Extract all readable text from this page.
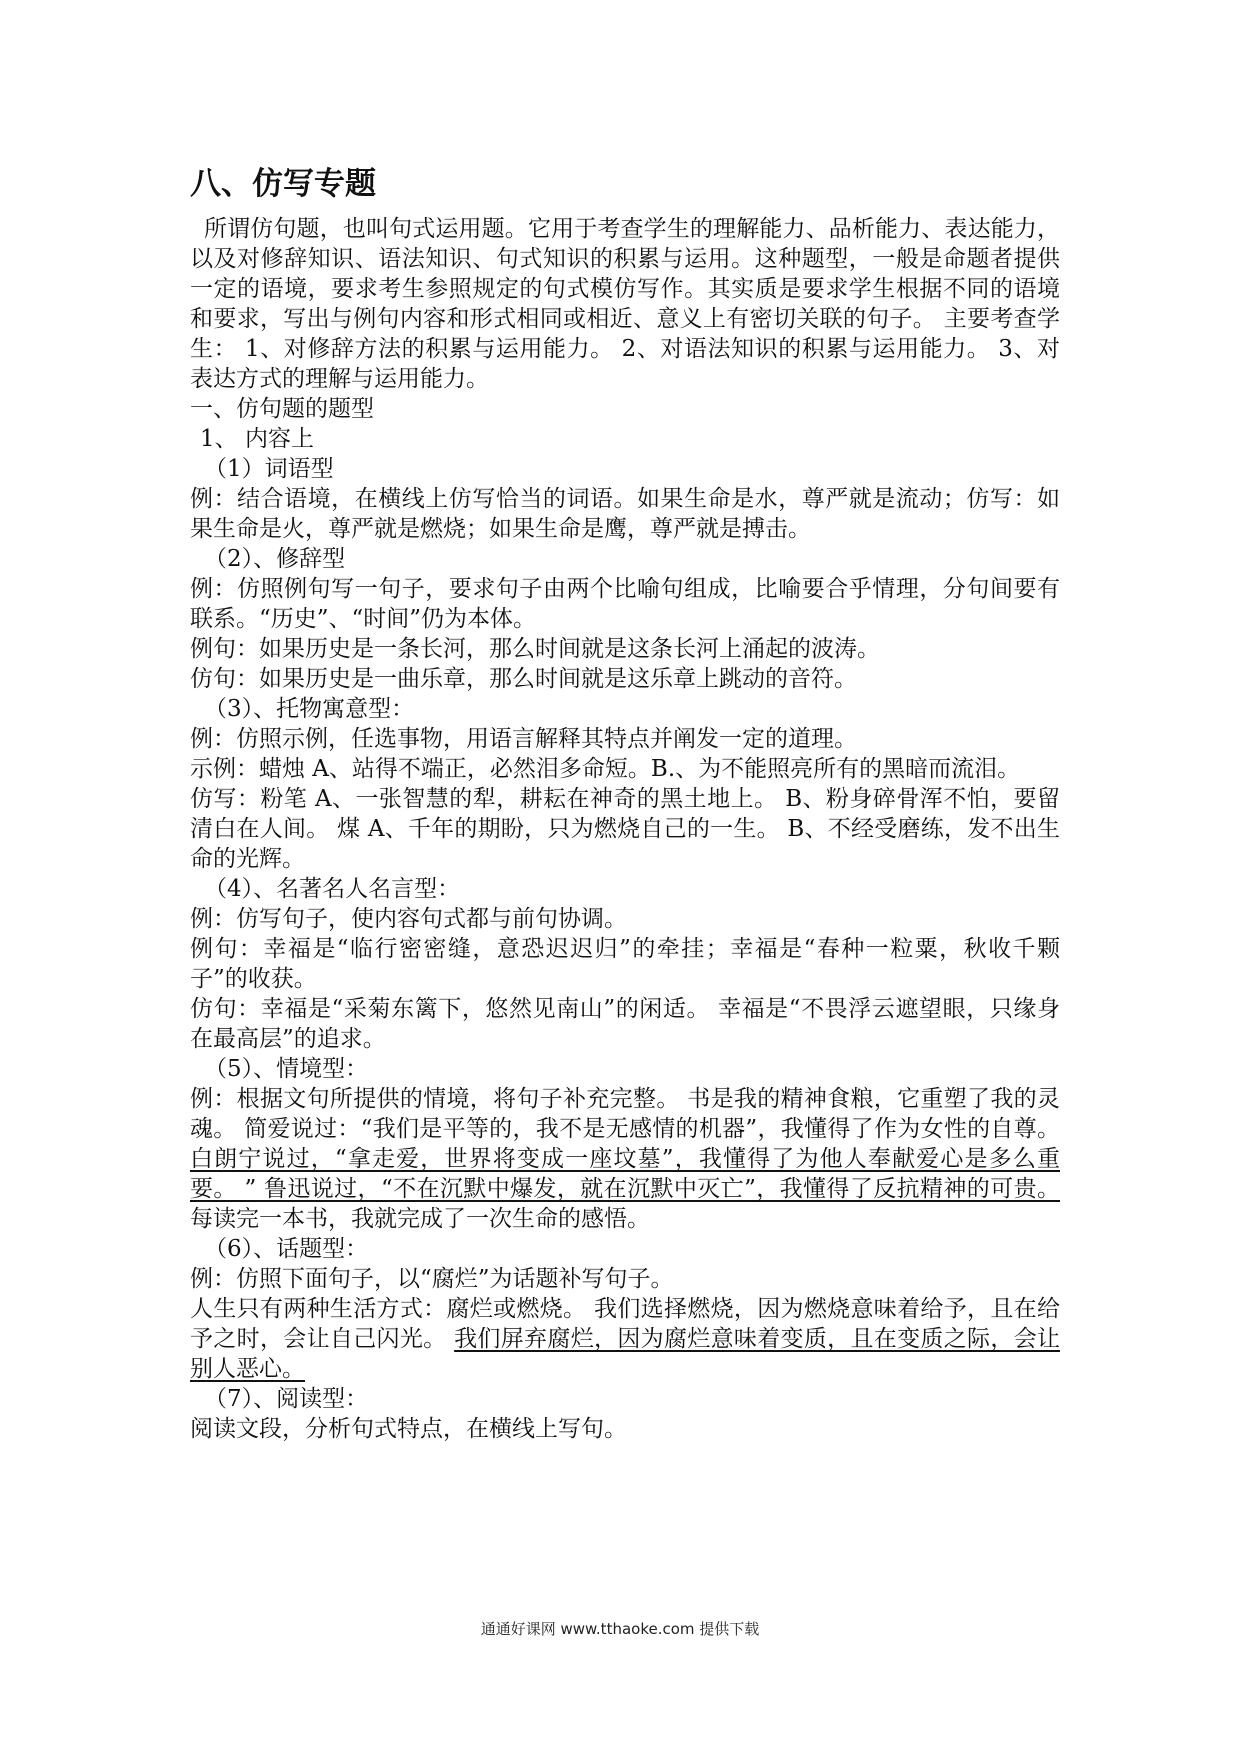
八、仿写专题

所谓仿句题，也叫句式运用题。它用于考查学生的理解能力、品析能力、表达能力，以及对修辞知识、语法知识、句式知识的积累与运用。这种题型，一般是命题者提供一定的语境，要求考生参照规定的句式模仿写作。其实质是要求学生根据不同的语境和要求，写出与例句内容和形式相同或相近、意义上有密切关联的句子。 主要考查学生： 1、对修辞方法的积累与运用能力。 2、对语法知识的积累与运用能力。 3、对表达方式的理解与运用能力。

一、仿句题的题型
1、 内容上
（1）词语型
例：结合语境，在横线上仿写恰当的词语。如果生命是水，尊严就是流动；仿写：如果生命是火，尊严就是燃烧；如果生命是鹰，尊严就是搏击。
（2）、修辞型
例：仿照例句写一句子，要求句子由两个比喻句组成，比喻要合乎情理，分句间要有联系。“历史”、“时间”仍为本体。
例句：如果历史是一条长河，那么时间就是这条长河上涌起的波涛。
仿句：如果历史是一曲乐章，那么时间就是这乐章上跳动的音符。
（3）、托物寓意型：
例：仿照示例，任选事物，用语言解释其特点并阐发一定的道理。
示例：蜡烛 A、站得不端正，必然泪多命短。B.、为不能照亮所有的黑暗而流泪。
仿写：粉笔 A、一张智慧的犁，耕耘在神奇的黑土地上。 B、粉身碎骨浑不怕，要留清白在人间。 煤 A、千年的期盼，只为燃烧自己的一生。 B、不经受磨练，发不出生命的光辉。
（4）、名著名人名言型：
例：仿写句子，使内容句式都与前句协调。
例句：幸福是“临行密密缝，意恐迟迟归”的牵挂；幸福是“春种一粒粟，秋收千颗子”的收获。
仿句：幸福是“采菊东篱下，悠然见南山”的闲适。 幸福是“不畏浮云遮望眼，只缘身在最高层”的追求。
（5）、情境型：
例：根据文句所提供的情境，将句子补充完整。 书是我的精神食粮，它重塑了我的灵魂。 简爱说过：“我们是平等的，我不是无感情的机器”，我懂得了作为女性的自尊。白朗宁说过，“拿走爱，世界将变成一座坟墓”，我懂得了为他人奉献爱心是多么重要。 ” 鲁迅说过，“不在沉默中爆发，就在沉默中灭亡”，我懂得了反抗精神的可贵。 每读完一本书，我就完成了一次生命的感悟。
（6）、话题型：
例：仿照下面句子，以“腐烂”为话题补写句子。
人生只有两种生活方式：腐烂或燃烧。 我们选择燃烧，因为燃烧意味着给予，且在给予之时，会让自己闪光。 我们屏弃腐烂，因为腐烂意味着变质，且在变质之际，会让别人恶心。
（7）、阅读型：
阅读文段，分析句式特点，在横线上写句。
通通好课网 www.tthaoke.com 提供下载
